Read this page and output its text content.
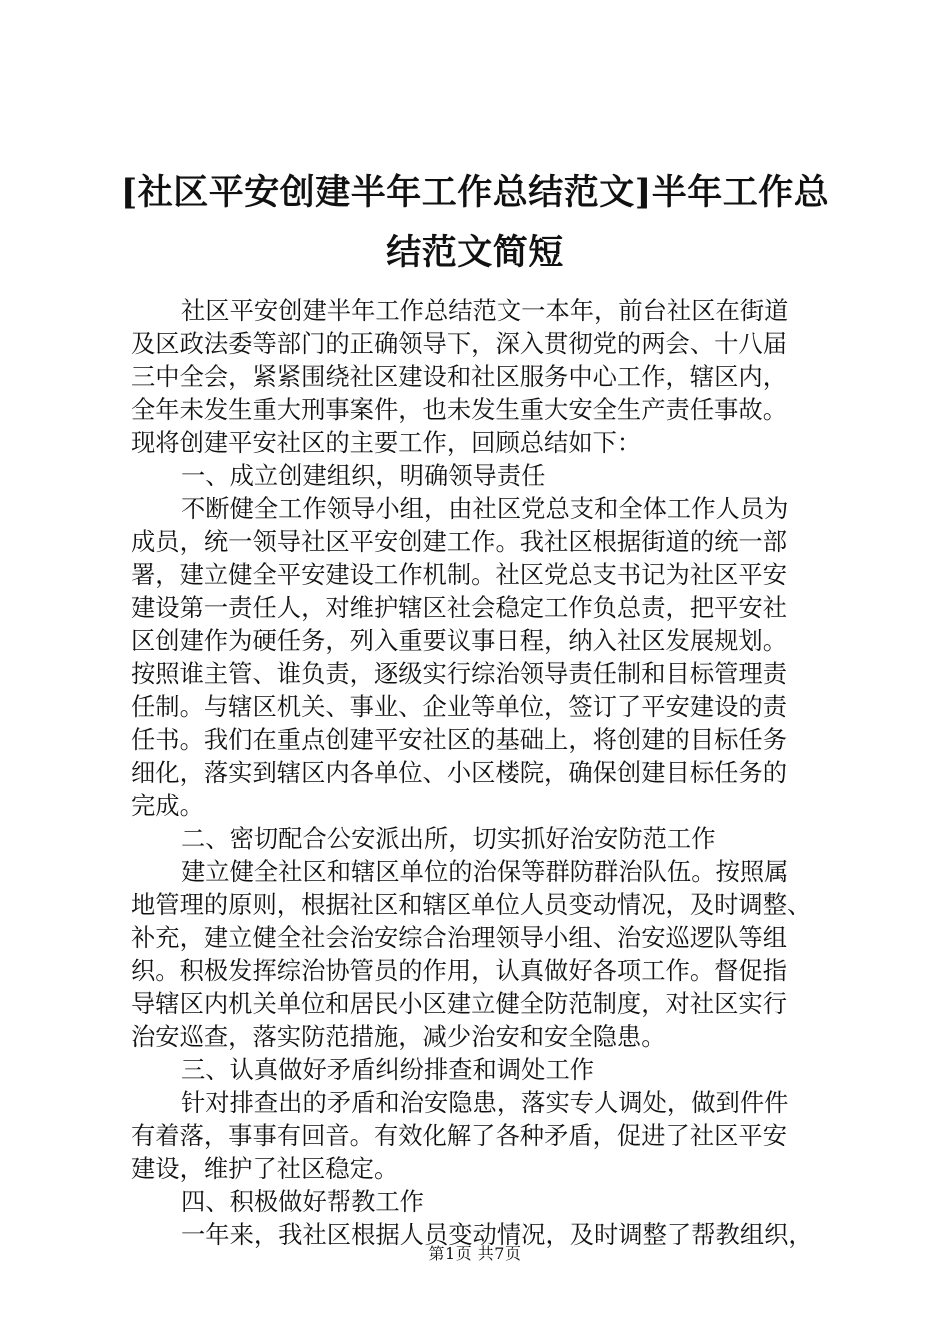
[社区平安创建半年工作总结范文]半年工作总
结范文简短
社区平安创建半年工作总结范文一本年，前台社区在街道
及区政法委等部门的正确领导下，深入贯彻党的两会、十八届
三中全会，紧紧围绕社区建设和社区服务中心工作，辖区内，
全年未发生重大刑事案件，也未发生重大安全生产责任事故。
现将创建平安社区的主要工作，回顾总结如下：
一、成立创建组织，明确领导责任
不断健全工作领导小组，由社区党总支和全体工作人员为
成员，统一领导社区平安创建工作。我社区根据街道的统一部
署，建立健全平安建设工作机制。社区党总支书记为社区平安
建设第一责任人，对维护辖区社会稳定工作负总责，把平安社
区创建作为硬任务，列入重要议事日程，纳入社区发展规划。
按照谁主管、谁负责，逐级实行综治领导责任制和目标管理责
任制。与辖区机关、事业、企业等单位，签订了平安建设的责
任书。我们在重点创建平安社区的基础上，将创建的目标任务
细化，落实到辖区内各单位、小区楼院，确保创建目标任务的
完成。
二、密切配合公安派出所，切实抓好治安防范工作
建立健全社区和辖区单位的治保等群防群治队伍。按照属
地管理的原则，根据社区和辖区单位人员变动情况，及时调整、
补充，建立健全社会治安综合治理领导小组、治安巡逻队等组
织。积极发挥综治协管员的作用，认真做好各项工作。督促指
导辖区内机关单位和居民小区建立健全防范制度，对社区实行
治安巡查，落实防范措施，减少治安和安全隐患。
三、认真做好矛盾纠纷排查和调处工作
针对排查出的矛盾和治安隐患，落实专人调处，做到件件
有着落，事事有回音。有效化解了各种矛盾，促进了社区平安
建设，维护了社区稳定。
四、积极做好帮教工作
一年来，我社区根据人员变动情况，及时调整了帮教组织，
第1页 共7页
